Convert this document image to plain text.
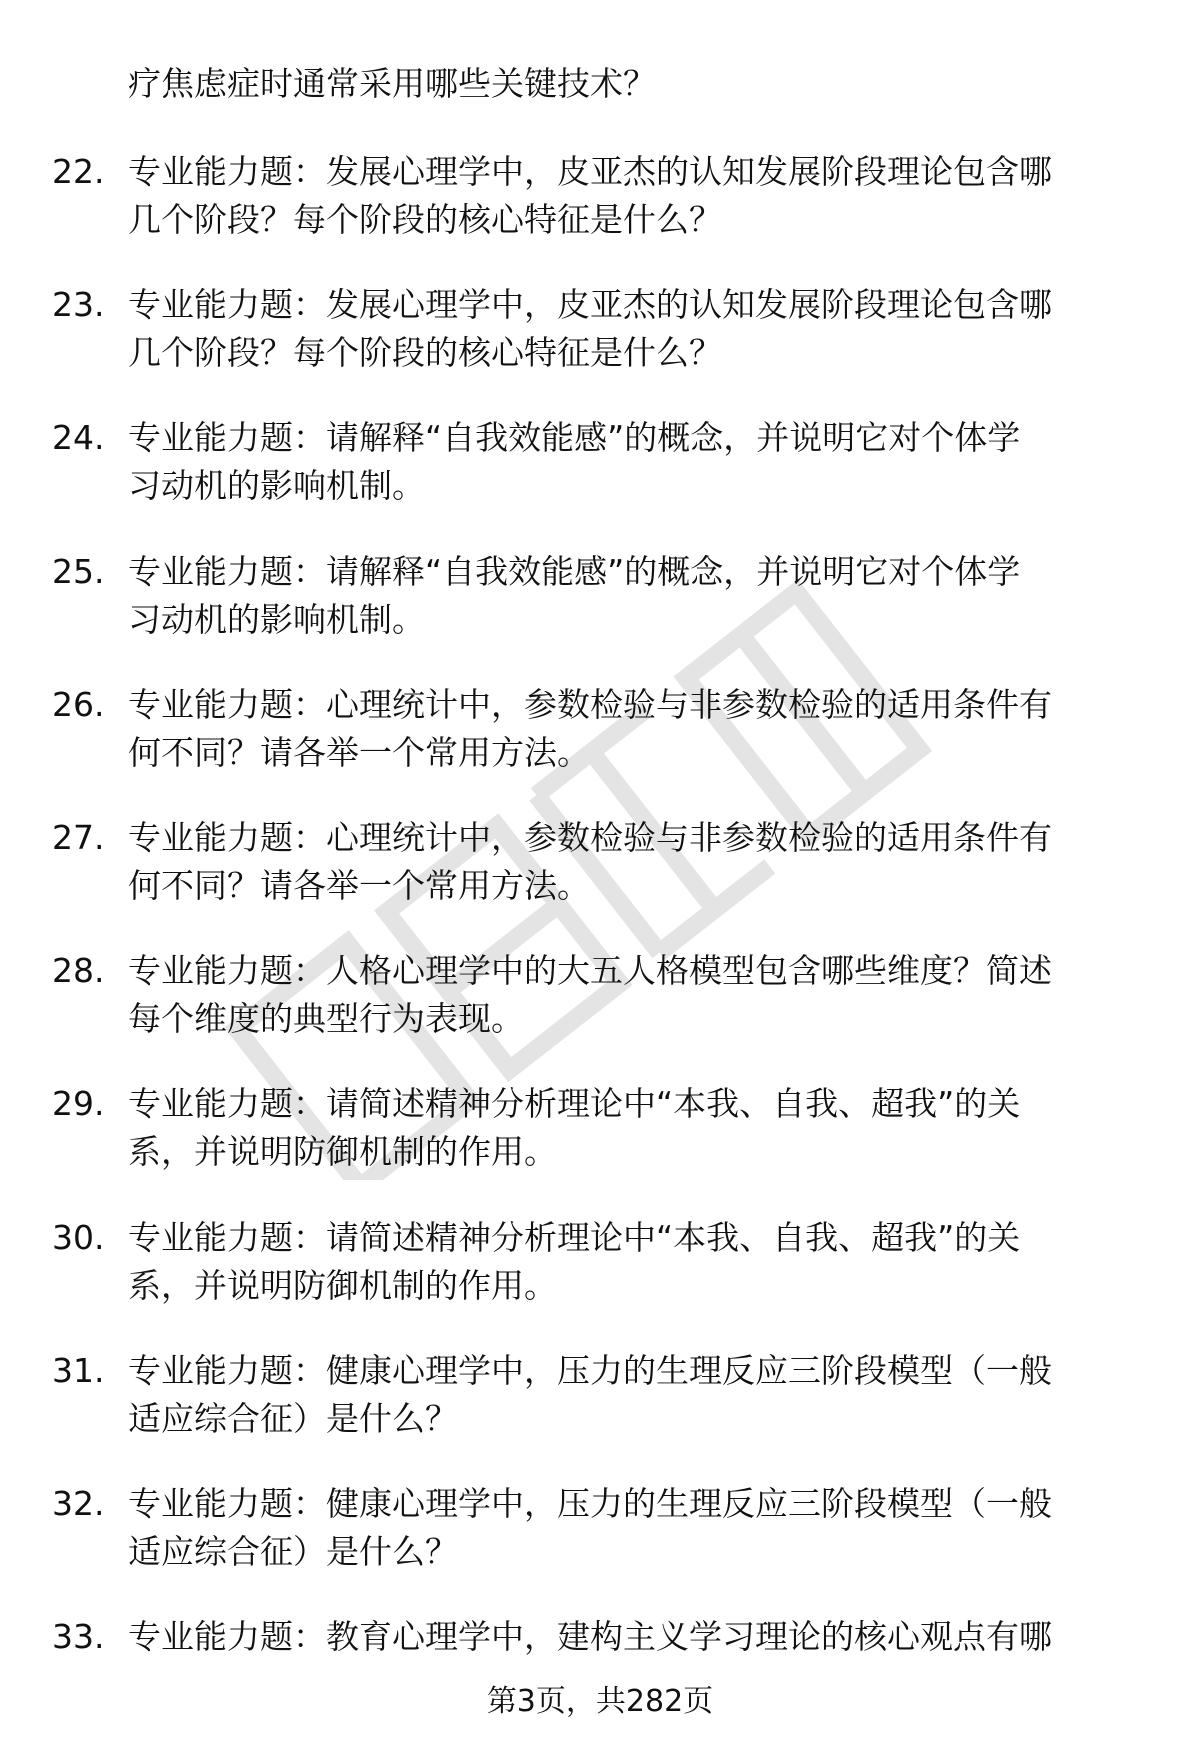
疗焦虑症时通常采用哪些关键技术？
22. 专业能力题：发展心理学中，皮亚杰的认知发展阶段理论包含哪
几个阶段？每个阶段的核心特征是什么？
23. 专业能力题：发展心理学中，皮亚杰的认知发展阶段理论包含哪
几个阶段？每个阶段的核心特征是什么？
24. 专业能力题：请解释“自我效能感”的概念，并说明它对个体学
习动机的影响机制。
25. 专业能力题：请解释“自我效能感”的概念，并说明它对个体学
习动机的影响机制。
26. 专业能力题：心理统计中，参数检验与非参数检验的适用条件有
何不同？请各举一个常用方法。
27. 专业能力题：心理统计中，参数检验与非参数检验的适用条件有
何不同？请各举一个常用方法。
28. 专业能力题：人格心理学中的大五人格模型包含哪些维度？简述
每个维度的典型行为表现。
29. 专业能力题：请简述精神分析理论中“本我、自我、超我”的关
系，并说明防御机制的作用。
30. 专业能力题：请简述精神分析理论中“本我、自我、超我”的关
系，并说明防御机制的作用。
31. 专业能力题：健康心理学中，压力的生理反应三阶段模型（一般
适应综合征）是什么？
32. 专业能力题：健康心理学中，压力的生理反应三阶段模型（一般
适应综合征）是什么？
33. 专业能力题：教育心理学中，建构主义学习理论的核心观点有哪
第3页，共282页
